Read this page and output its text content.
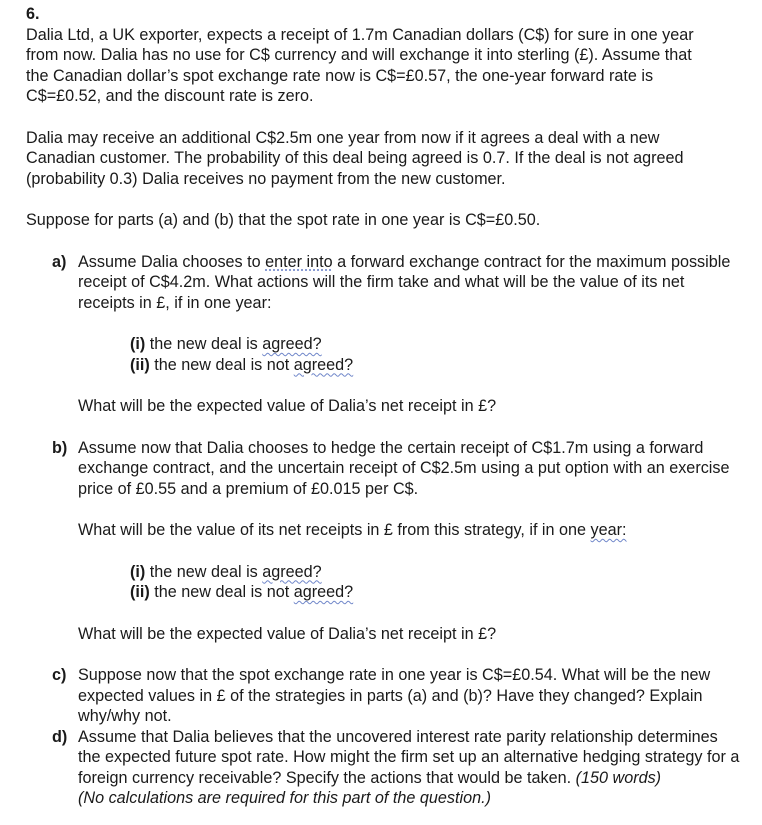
6.

Dalia Ltd, a UK exporter, expects a receipt of 1.7m Canadian dollars (C$) for sure in one year from now. Dalia has no use for C$ currency and will exchange it into sterling (£). Assume that the Canadian dollar’s spot exchange rate now is C$=£0.57, the one-year forward rate is C$=£0.52, and the discount rate is zero.

Dalia may receive an additional C$2.5m one year from now if it agrees a deal with a new Canadian customer. The probability of this deal being agreed is 0.7. If the deal is not agreed (probability 0.3) Dalia receives no payment from the new customer.

Suppose for parts (a) and (b) that the spot rate in one year is C$=£0.50.

a) Assume Dalia chooses to enter into a forward exchange contract for the maximum possible receipt of C$4.2m. What actions will the firm take and what will be the value of its net receipts in £, if in one year:

(i) the new deal is agreed?

(ii) the new deal is not agreed?

What will be the expected value of Dalia’s net receipt in £?

b) Assume now that Dalia chooses to hedge the certain receipt of C$1.7m using a forward exchange contract, and the uncertain receipt of C$2.5m using a put option with an exercise price of £0.55 and a premium of £0.015 per C$.

What will be the value of its net receipts in £ from this strategy, if in one year:

(i) the new deal is agreed?

(ii) the new deal is not agreed?

What will be the expected value of Dalia’s net receipt in £?

c) Suppose now that the spot exchange rate in one year is C$=£0.54. What will be the new expected values in £ of the strategies in parts (a) and (b)? Have they changed? Explain why/why not.

d) Assume that Dalia believes that the uncovered interest rate parity relationship determines the expected future spot rate. How might the firm set up an alternative hedging strategy for a foreign currency receivable? Specify the actions that would be taken. (150 words)

(No calculations are required for this part of the question.)
